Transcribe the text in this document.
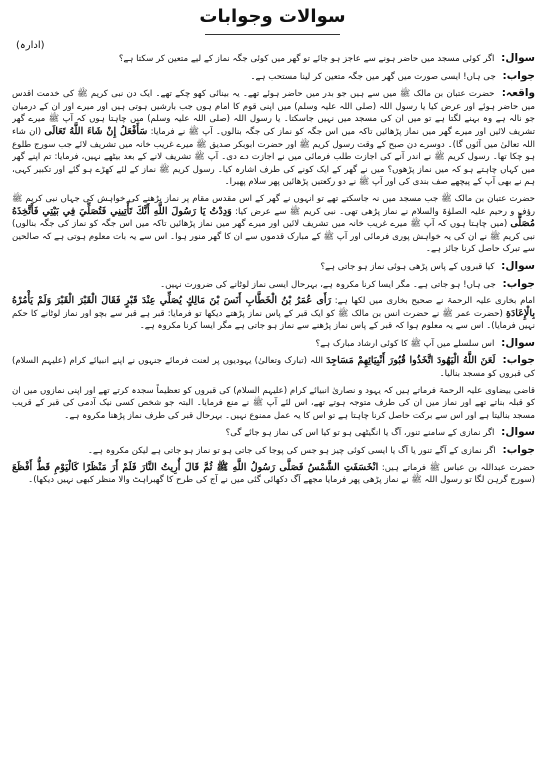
سوالات وجوابات
(ادارہ)

سوال: اگر کوئی مسجد میں حاضر ہونے سے عاجز ہو جائے تو گھر میں کوئی جگہ نماز کے لیے متعین کر سکتا ہے؟

جواب: جی ہاں! ایسی صورت میں گھر میں جگہ متعین کر لینا مستحب ہے۔

واقعہ: حضرت عتبان بن مالک ﷺ میں سے ہیں جو بدر میں حاضر ہوئے تھے۔ یہ بینائی کھو چکے تھے۔ ایک دن نبی کریم ﷺ کی خدمت اقدس میں حاضر ہوئے اور عرض کیا یا رسول اللہ (صلی اللہ علیہ وسلم) میں اپنی قوم کا امام ہوں جب بارشیں ہوتی ہیں اور میرے اور ان کے درمیان جو نالہ ہے وہ بہنے لگتا ہے تو میں ان کی مسجد میں نہیں جاسکتا۔ یا رسول اللہ (صلی اللہ علیہ وسلم) میں چاہتا ہوں کہ آپ ﷺ میرے گھر تشریف لائیں اور میرے گھر میں نماز پڑھائیں تاکہ میں اس جگہ کو نماز کی جگہ بنالوں۔ آپ ﷺ نے فرمایا: سَأَفْعَلُ إِنْ شَاءَ اللَّهُ تَعَالَى (ان شاء اللہ تعالیٰ میں آئوں گا)۔ دوسرے دن صبح کے وقت رسول کریم ﷺ اور حضرت ابوبکر صدیق ﷺ میرے غریب خانہ میں تشریف لائے جب سورج طلوع ہو چکا تھا۔ رسول کریم ﷺ نے اندر آنے کی اجازت طلب فرمائی میں نے اجازت دے دی۔ آپ ﷺ تشریف لانے کے بعد بیٹھے نہیں، فرمایا: تم اپنے گھر میں کہاں چاہتے ہو کہ میں نماز پڑھوں؟ میں نے گھر کے ایک کونے کی طرف اشارہ کیا۔ رسول کریم ﷺ نماز کے لئے کھڑے ہو گئے اور تکبیر کہی، ہم نے بھی آپ کے پیچھے صف بندی کی اور آپ ﷺ نے دو رکعتیں پڑھائیں پھر سلام پھیرا۔

حضرت عتبان بن مالک ﷺ جب مسجد میں نہ جاسکتے تھے تو انہوں نے گھر کے اس مقدس مقام پر نماز پڑھنے کی خواہش کی جہاں نبی کریم ﷺ رؤف و رحیم علیہ الصلوٰۃ والسلام نے نماز پڑھی تھی۔ نبی کریم ﷺ سے عرض کیا: وَدِدْتُ يَا رَسُولَ اللَّهِ أَنَّكَ تَأْتِينِي فَتُصَلِّيَ فِي بَيْتِي فَأَتَّخِذَهُ مُصَلًّى (میں چاہتا ہوں کہ آپ ﷺ میرے غریب خانہ میں تشریف لائیں اور میرے گھر میں نماز پڑھائیں تاکہ میں اس جگہ کو نماز کی جگہ بنالوں) نبی کریم ﷺ نے ان کی یہ خواہش پوری فرمائی اور آپ ﷺ کے مبارک قدموں سے ان کا گھر منور ہوا۔ اس سے یہ بات معلوم ہوتی ہے کہ صالحین سے تبرک حاصل کرنا جائز ہے۔

سوال: کیا قبروں کے پاس پڑھی ہوئی نماز ہو جاتی ہے؟

جواب: جی ہاں! ہو جاتی ہے۔ مگر ایسا کرنا مکروہ ہے، بہرحال ایسی نماز لوٹانے کی ضرورت نہیں۔

امام بخاری علیہ الرحمۃ نے صحیح بخاری میں لکھا ہے: رَأَى عُمَرُ بْنُ الْخَطَّابِ أَنَسَ بْنَ مَالِكٍ يُصَلِّي عِنْدَ قَبْرٍ فَقَالَ الْقَبْرَ الْقَبْرَ وَلَمْ يَأْمُرْهُ بِالْإِعَادَةِ (حضرت عمر ﷺ نے حضرت انس بن مالک ﷺ کو ایک قبر کے پاس نماز پڑھتے دیکھا تو فرمایا: قبر ہے قبر سے بچو اور نماز لوٹانے کا حکم نہیں فرمایا)۔ اس سے یہ معلوم ہوا کہ قبر کے پاس نماز پڑھنے سے نماز ہو جاتی ہے مگر ایسا کرنا مکروہ ہے۔

سوال: اس سلسلے میں آپ ﷺ کا کوئی ارشاد مبارک ہے؟

جواب: لَعَنَ اللَّهُ الْيَهُودَ اتَّخَذُوا قُبُورَ أَنْبِيَائِهِمْ مَسَاجِدَ اللہ (تبارک وتعالیٰ) یہودیوں پر لعنت فرمائے جنہوں نے اپنے انبیائے کرام (علیہم السلام) کی قبروں کو مسجد بنالیا۔

قاضی بیضاوی علیہ الرحمۃ فرماتے ہیں کہ یہود و نصاریٰ انبیائے کرام (علیہم السلام) کی قبروں کو تعظیماً سجدہ کرتے تھے اور اپنی نمازوں میں ان کو قبلہ بناتے تھے اور نماز میں ان کی طرف متوجہ ہوتے تھے، اس لئے آپ ﷺ نے منع فرمایا۔ البتہ جو شخص کسی نیک آدمی کی قبر کے قریب مسجد بنالیتا ہے اور اس سے برکت حاصل کرنا چاہتا ہے تو اس کا یہ عمل ممنوع نہیں۔ بہرحال قبر کی طرف نماز پڑھنا مکروہ ہے۔

سوال: اگر نمازی کے سامنے تنور، آگ یا انگیٹھی ہو تو کیا اس کی نماز ہو جائے گی؟

جواب: اگر نمازی کے آگے تنور یا آگ یا ایسی کوئی چیز ہو جس کی پوجا کی جاتی ہو تو نماز ہو جاتی ہے لیکن مکروہ ہے۔

حضرت عبداللہ بن عباس ﷺ فرماتے ہیں: انْخَسَفَتِ الشَّمْسُ فَصَلَّى رَسُولُ اللَّهِ ﷺ ثُمَّ قَالَ أُرِيتُ النَّارَ فَلَمْ أَرَ مَنْظَرًا كَالْيَوْمِ قَطُّ أَفْظَعَ (سورج گرہن لگا تو رسول اللہ ﷺ نے نماز پڑھی پھر فرمایا مجھے آگ دکھائی گئی میں نے آج کی طرح کا گھبراہٹ والا منظر کبھی نہیں دیکھا)۔
